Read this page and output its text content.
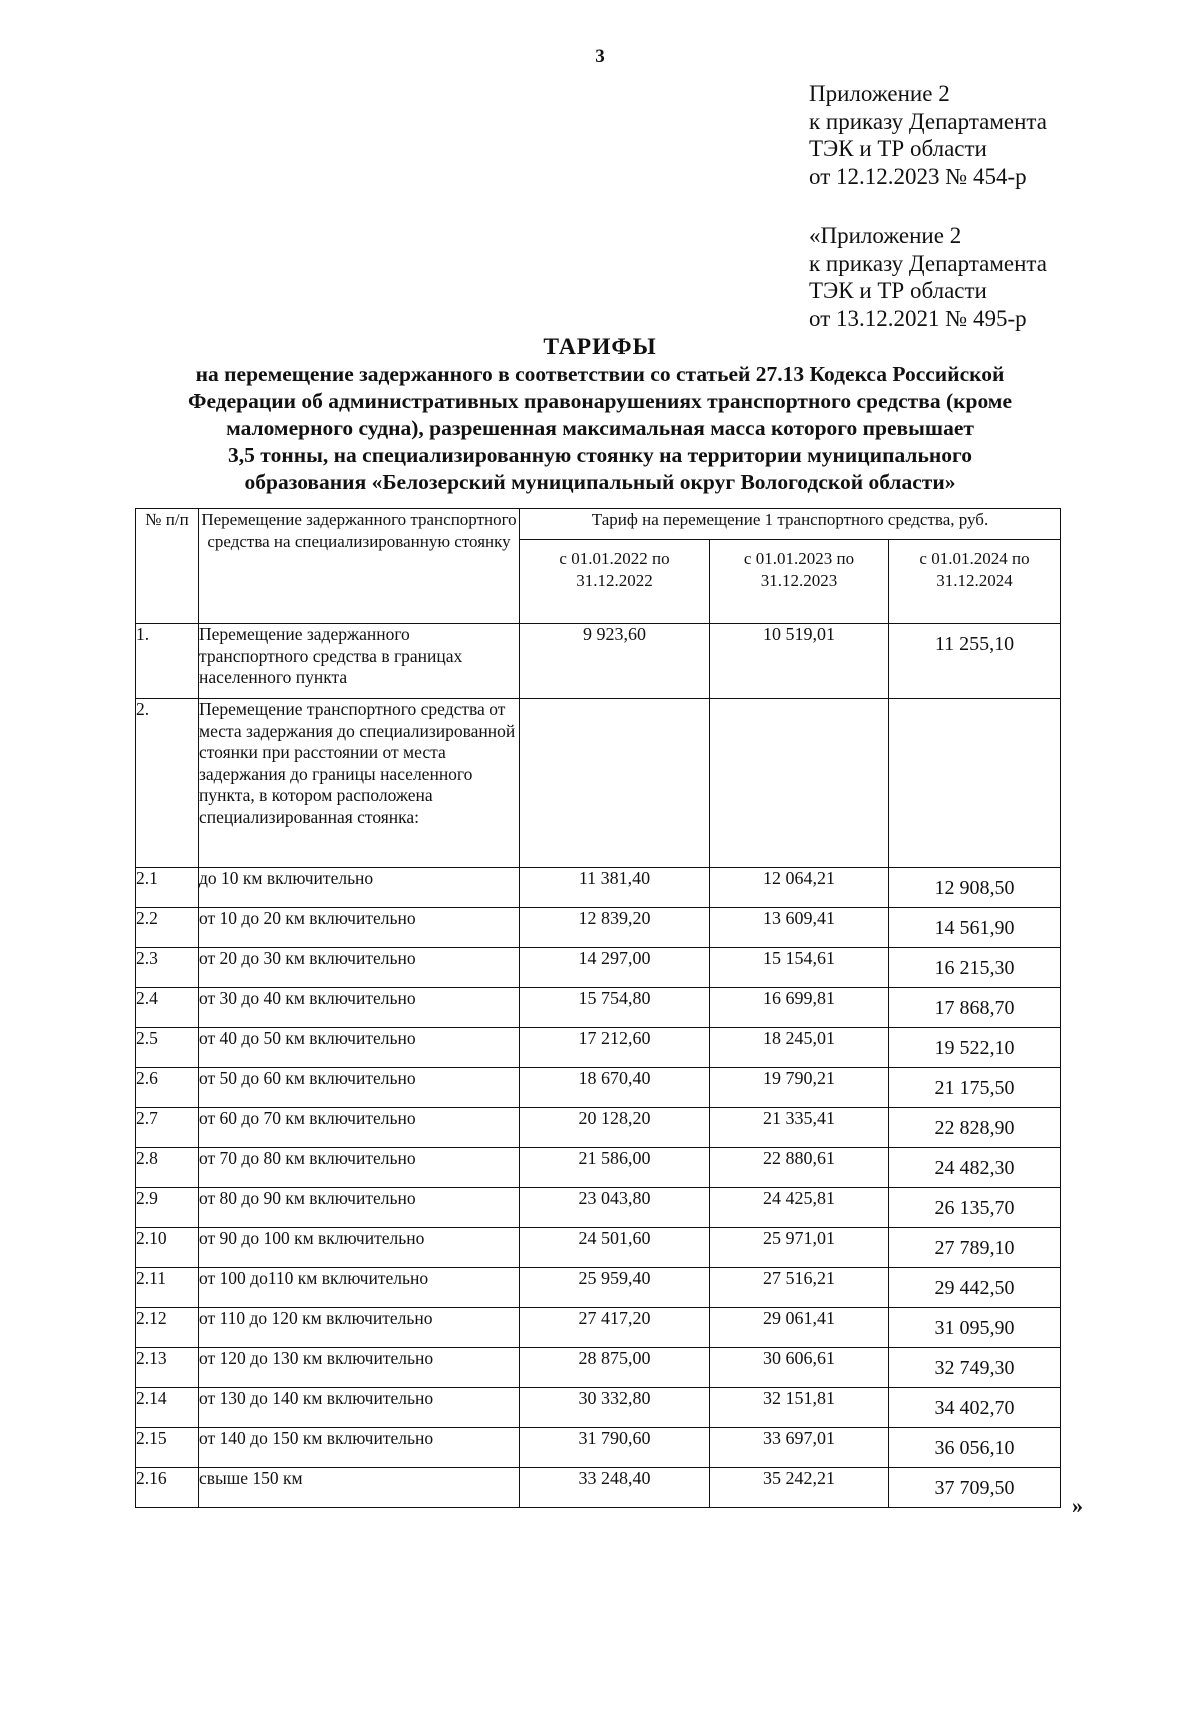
3
Приложение 2
к приказу Департамента
ТЭК и ТР области
от 12.12.2023 № 454-р
«Приложение 2
к приказу Департамента
ТЭК и ТР области
от 13.12.2021 № 495-р
ТАРИФЫ
на перемещение задержанного в соответствии со статьей 27.13 Кодекса Российской
Федерации об административных правонарушениях транспортного средства (кроме
маломерного судна), разрешенная максимальная масса которого превышает
3,5 тонны, на специализированную стоянку на территории муниципального
образования «Белозерский муниципальный округ Вологодской области»
№ п/п	Перемещение задержанного транспортного средства на специализированную стоянку	Тариф на перемещение 1 транспортного средства, руб.		
		с 01.01.2022 по 31.12.2022	с 01.01.2023 по 31.12.2023	с 01.01.2024 по 31.12.2024
1.	Перемещение задержанного транспортного средства в границах населенного пункта	9 923,60	10 519,01	11 255,10
2.	Перемещение транспортного средства от места задержания до специализированной стоянки при расстоянии от места задержания до границы населенного пункта, в котором расположена специализированная стоянка:			
2.1	до 10 км включительно	11 381,40	12 064,21	12 908,50
2.2	от 10 до 20 км включительно	12 839,20	13 609,41	14 561,90
2.3	от 20 до 30 км включительно	14 297,00	15 154,61	16 215,30
2.4	от 30 до 40 км включительно	15 754,80	16 699,81	17 868,70
2.5	от 40 до 50 км включительно	17 212,60	18 245,01	19 522,10
2.6	от 50 до 60 км включительно	18 670,40	19 790,21	21 175,50
2.7	от 60 до 70 км включительно	20 128,20	21 335,41	22 828,90
2.8	от 70 до 80 км включительно	21 586,00	22 880,61	24 482,30
2.9	от 80 до 90 км включительно	23 043,80	24 425,81	26 135,70
2.10	от 90 до 100 км включительно	24 501,60	25 971,01	27 789,10
2.11	от 100 до110 км включительно	25 959,40	27 516,21	29 442,50
2.12	от 110 до 120 км включительно	27 417,20	29 061,41	31 095,90
2.13	от 120 до 130 км включительно	28 875,00	30 606,61	32 749,30
2.14	от 130 до 140 км включительно	30 332,80	32 151,81	34 402,70
2.15	от 140 до 150 км включительно	31 790,60	33 697,01	36 056,10
2.16	свыше 150 км	33 248,40	35 242,21	37 709,50
»
